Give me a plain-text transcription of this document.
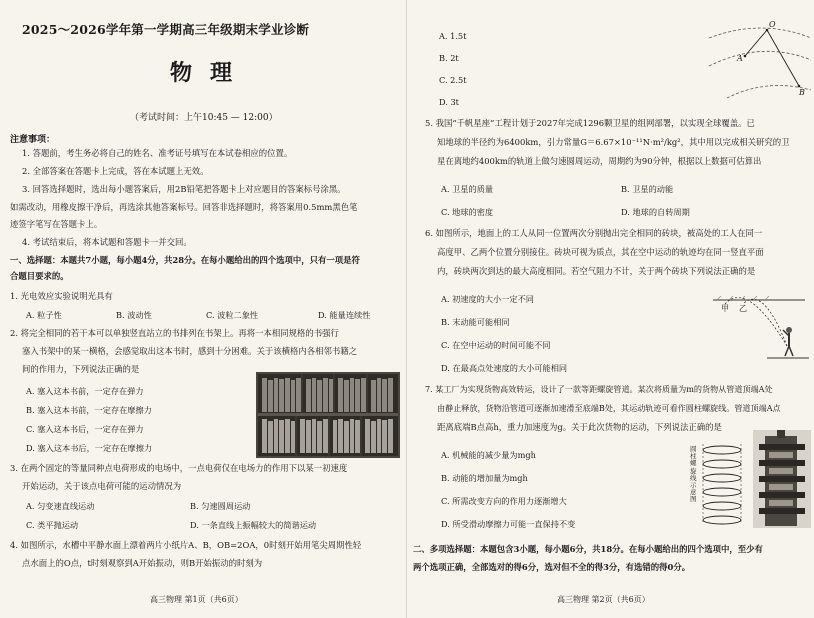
2025～2026学年第一学期高三年级期末学业诊断
物理
（考试时间：上午10:45 — 12:00）
注意事项：
1. 答题前，考生务必将自己的姓名、准考证号填写在本试卷相应的位置。
2. 全部答案在答题卡上完成，答在本试题上无效。
3. 回答选择题时，选出每小题答案后，用2B铅笔把答题卡上对应题目的答案标号涂黑。
如需改动，用橡皮擦干净后，再选涂其他答案标号。回答非选择题时，将答案用0.5mm黑色笔
迹签字笔写在答题卡上。
4. 考试结束后，将本试题和答题卡一并交回。
一、选择题：本题共7小题，每小题4分，共28分。在每小题给出的四个选项中，只有一项是符
合题目要求的。
1. 光电效应实验说明光具有
A. 粒子性	B. 波动性	C. 波粒二象性	D. 能量连续性
2. 将完全相同的若干本可以单独竖直站立的书排列在书架上。再将一本相同规格的书强行
塞入书架中的某一横格，会感觉取出这本书时，感到十分困难。关于该横格内各相邻书籍之
间的作用力，下列说法正确的是
A. 塞入这本书前，一定存在弹力
B. 塞入这本书前，一定存在摩擦力
C. 塞入这本书后，一定存在弹力
D. 塞入这本书后，一定存在摩擦力
3. 在两个固定的等量同种点电荷形成的电场中，一点电荷仅在电场力的作用下以某一初速度
开始运动，关于该点电荷可能的运动情况为
A. 匀变速直线运动	B. 匀速圆周运动
C. 类平抛运动	D. 一条直线上振幅较大的简谐运动
4. 如图所示，水槽中平静水面上漂着两片小纸片A、B，OB=2OA，0时刻开始用笔尖周期性轻
点水面上的O点，t时刻观察到A开始振动，则B开始振动的时刻为
高三物理 第1页（共6页）
A. 1.5t
B. 2t
C. 2.5t
D. 3t
O
A
B
5. 我国“千帆星座”工程计划于2027年完成1296颗卫星的组网部署，以实现全球覆盖。已
知地球的半径约为6400km，引力常量G＝6.67×10⁻¹¹N·m²/kg²，其中用以完成相关研究的卫
星在离地约400km的轨道上做匀速圆周运动，周期约为90分钟，根据以上数据可估算出
A. 卫星的质量	B. 卫星的动能
C. 地球的密度	D. 地球的自转周期
6. 如图所示，地面上的工人从同一位置两次分别抛出完全相同的砖块，被高处的工人在同一
高度甲、乙两个位置分别接住。砖块可视为质点，其在空中运动的轨迹均在同一竖直平面
内，砖块两次到达的最大高度相同。若空气阻力不计，关于两个砖块下列说法正确的是
A. 初速度的大小一定不同
B. 末动能可能相同
C. 在空中运动的时间可能不同
D. 在最高点处速度的大小可能相同
甲 乙
7. 某工厂为实现货物高效转运，设计了一款等距螺旋管道。某次将质量为m的货物从管道顶端A处
由静止释放，货物沿管道可逐渐加速滑至底端B处，其运动轨迹可看作圆柱螺旋线。管道顶端A点
距离底端B点高h，重力加速度为g。关于此次货物的运动，下列说法正确的是
A. 机械能的减少量为mgh
B. 动能的增加量为mgh
C. 所需改变方向的作用力逐渐增大
D. 所受滑动摩擦力可能一直保持不变
圆柱螺旋线示意图
二、多项选择题：本题包含3小题，每小题6分，共18分。在每小题给出的四个选项中，至少有
两个选项正确，全部选对的得6分，选对但不全的得3分，有选错的得0分。
高三物理 第2页（共6页）
